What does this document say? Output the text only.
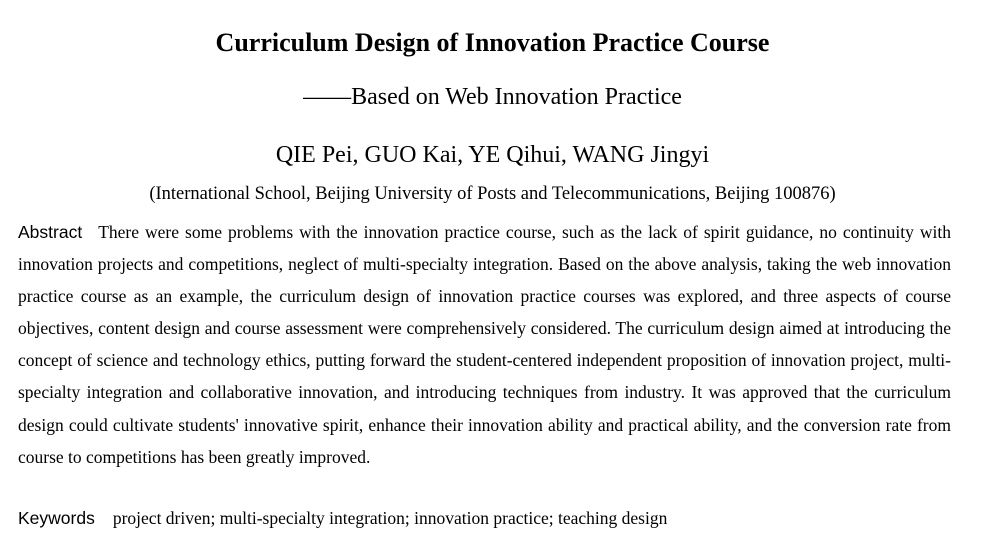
Curriculum Design of Innovation Practice Course
——Based on Web Innovation Practice
QIE Pei, GUO Kai, YE Qihui, WANG Jingyi
(International School, Beijing University of Posts and Telecommunications, Beijing 100876)

Abstract There were some problems with the innovation practice course, such as the lack of spirit guidance, no continuity with innovation projects and competitions, neglect of multi-specialty integration. Based on the above analysis, taking the web innovation practice course as an example, the curriculum design of innovation practice courses was explored, and three aspects of course objectives, content design and course assessment were comprehensively considered. The curriculum design aimed at introducing the concept of science and technology ethics, putting forward the student-centered independent proposition of innovation project, multi-specialty integration and collaborative innovation, and introducing techniques from industry. It was approved that the curriculum design could cultivate students' innovative spirit, enhance their innovation ability and practical ability, and the conversion rate from course to competitions has been greatly improved.

Keywords project driven; multi-specialty integration; innovation practice; teaching design
